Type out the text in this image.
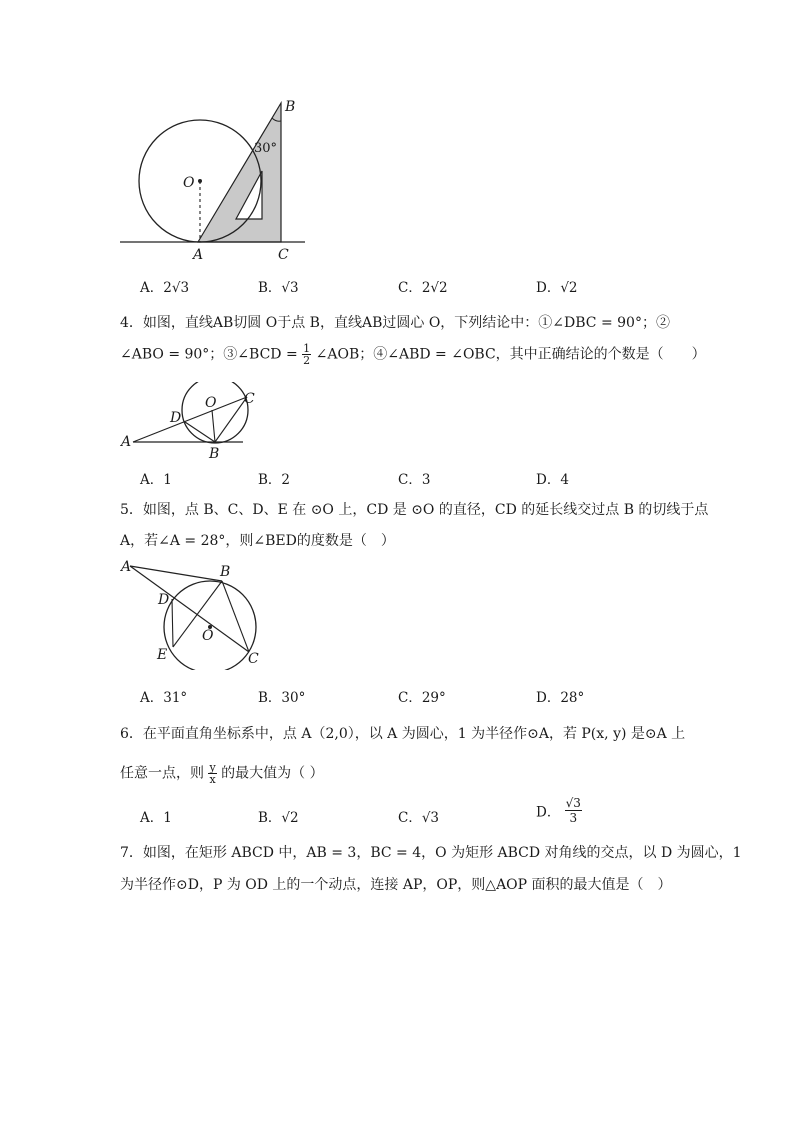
B
30°
O
A	C
A．2√3	B．√3	C．2√2	D．√2
4．如图，直线AB切圆 O于点 B，直线AB过圆心 O，下列结论中：①∠DBC = 90°；②
∠ABO = 90°；③∠BCD = $\frac{1}{2}$ ∠AOB；④∠ABD = ∠OBC，其中正确结论的个数是（　　）
D
O C
A
B
A．1	B．2	C．3	D．4
5．如图，点 B、C、D、E 在 ⊙O 上，CD 是 ⊙O 的直径，CD 的延长线交过点 B 的切线于点
A，若∠A = 28°，则∠BED的度数是（　）
A	B
D
O
E	C
A．31°	B．30°	C．29°	D．28°
6．在平面直角坐标系中，点 A（2,0），以 A 为圆心，1 为半径作⊙A，若 P(x, y) 是⊙A 上
任意一点，则 $\frac{y}{x}$ 的最大值为（ ）
A．1	B．√2	C．√3	D． $\frac{√3}{3}$
7．如图，在矩形 ABCD 中，AB = 3，BC = 4，O 为矩形 ABCD 对角线的交点，以 D 为圆心，1
为半径作⊙D，P 为 OD 上的一个动点，连接 AP，OP，则△AOP 面积的最大值是（　）
